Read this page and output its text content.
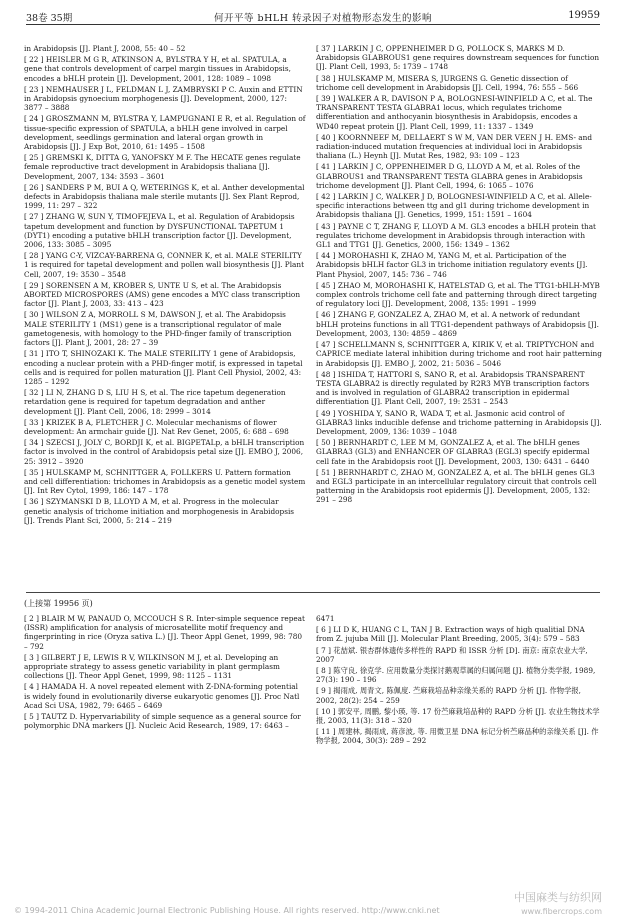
38卷 35期	何开平等 bHLH 转录因子对植物形态发生的影响	19959

in Arabidopsis [J]. Plant J, 2008, 55: 40 – 52

[ 22 ] HEISLER M G R, ATKINSON A, BYLSTRA Y H, et al. SPATULA, a gene that controls development of carpel margin tissues in Arabidopsis, encodes a bHLH protein [J]. Development, 2001, 128: 1089 – 1098

[ 23 ] NEMHAUSER J L, FELDMAN L J, ZAMBRYSKI P C. Auxin and ETTIN in Arabidopsis gynoecium morphogenesis [J]. Development, 2000, 127: 3877 – 3888

[ 24 ] GROSZMANN M, BYLSTRA Y, LAMPUGNANI E R, et al. Regulation of tissue-specific expression of SPATULA, a bHLH gene involved in carpel development, seedlings germination and lateral organ growth in Arabidopsis [J]. J Exp Bot, 2010, 61: 1495 – 1508

[ 25 ] GREMSKI K, DITTA G, YANOFSKY M F. The HECATE genes regulate female reproductive tract development in Arabidopsis thaliana [J]. Development, 2007, 134: 3593 – 3601

[ 26 ] SANDERS P M, BUI A Q, WETERINGS K, et al. Anther developmental defects in Arabidopsis thaliana male sterile mutants [J]. Sex Plant Reprod, 1999, 11: 297 – 322

[ 27 ] ZHANG W, SUN Y, TIMOFEJEVA L, et al. Regulation of Arabidopsis tapetum development and function by DYSFUNCTIONAL TAPETUM 1 (DYT1) encoding a putative bHLH transcription factor [J]. Development, 2006, 133: 3085 – 3095

[ 28 ] YANG C-Y, VIZCAY-BARRENA G, CONNER K, et al. MALE STERILITY 1 is required for tapetal development and pollen wall biosynthesis [J]. Plant Cell, 2007, 19: 3530 – 3548

[ 29 ] SORENSEN A M, KROBER S, UNTE U S, et al. The Arabidopsis ABORTED MICROSPORES (AMS) gene encodes a MYC class transcription factor [J]. Plant J, 2003, 33: 413 – 423

[ 30 ] WILSON Z A, MORROLL S M, DAWSON J, et al. The Arabidopsis MALE STERILITY 1 (MS1) gene is a transcriptional regulator of male gametogenesis, with homology to the PHD-finger family of transcription factors [J]. Plant J, 2001, 28: 27 – 39

[ 31 ] ITO T, SHINOZAKI K. The MALE STERILITY 1 gene of Arabidopsis, encoding a nuclear protein with a PHD-finger motif, is expressed in tapetal cells and is required for pollen maturation [J]. Plant Cell Physiol, 2002, 43: 1285 – 1292

[ 32 ] LI N, ZHANG D S, LIU H S, et al. The rice tapetum degeneration retardation gene is required for tapetum degradation and anther development [J]. Plant Cell, 2006, 18: 2999 – 3014

[ 33 ] KRIZEK B A, FLETCHER J C. Molecular mechanisms of flower development: An armchair guide [J]. Nat Rev Genet, 2005, 6: 688 – 698

[ 34 ] SZECSI J, JOLY C, BORDJI K, et al. BIGPETALp, a bHLH transcription factor is involved in the control of Arabidopsis petal size [J]. EMBO J, 2006, 25: 3912 – 3920

[ 35 ] HULSKAMP M, SCHNITTGER A, FOLLKERS U. Pattern formation and cell differentiation: trichomes in Arabidopsis as a genetic model system [J]. Int Rev Cytol, 1999, 186: 147 – 178

[ 36 ] SZYMANSKI D B, LLOYD A M, et al. Progress in the molecular genetic analysis of trichome initiation and morphogenesis in Arabidopsis [J]. Trends Plant Sci, 2000, 5: 214 – 219

[ 37 ] LARKIN J C, OPPENHEIMER D G, POLLOCK S, MARKS M D. Arabidopsis GLABROUS1 gene requires downstream sequences for function [J]. Plant Cell, 1993, 5: 1739 – 1748

[ 38 ] HULSKAMP M, MISERA S, JURGENS G. Genetic dissection of trichome cell development in Arabidopsis [J]. Cell, 1994, 76: 555 – 566

[ 39 ] WALKER A R, DAVISON P A, BOLOGNESI-WINFIELD A C, et al. The TRANSPARENT TESTA GLABRA1 locus, which regulates trichome differentiation and anthocyanin biosynthesis in Arabidopsis, encodes a WD40 repeat protein [J]. Plant Cell, 1999, 11: 1337 – 1349

[ 40 ] KOORNNEEF M, DELLAERT S W M, VAN DER VEEN J H. EMS- and radiation-induced mutation frequencies at individual loci in Arabidopsis thaliana (L.) Heynh [J]. Mutat Res, 1982, 93: 109 – 123

[ 41 ] LARKIN J C, OPPENHEIMER D G, LLOYD A M, et al. Roles of the GLABROUS1 and TRANSPARENT TESTA GLABRA genes in Arabidopsis trichome development [J]. Plant Cell, 1994, 6: 1065 – 1076

[ 42 ] LARKIN J C, WALKER J D, BOLOGNESI-WINFIELD A C, et al. Allele-specific interactions between ttg and gl1 during trichome development in Arabidopsis thaliana [J]. Genetics, 1999, 151: 1591 – 1604

[ 43 ] PAYNE C T, ZHANG F, LLOYD A M. GL3 encodes a bHLH protein that regulates trichome development in Arabidopsis through interaction with GL1 and TTG1 [J]. Genetics, 2000, 156: 1349 – 1362

[ 44 ] MOROHASHI K, ZHAO M, YANG M, et al. Participation of the Arabidopsis bHLH factor GL3 in trichome initiation regulatory events [J]. Plant Physiol, 2007, 145: 736 – 746

[ 45 ] ZHAO M, MOROHASHI K, HATELSTAD G, et al. The TTG1-bHLH-MYB complex controls trichome cell fate and patterning through direct targeting of regulatory loci [J]. Development, 2008, 135: 1991 – 1999

[ 46 ] ZHANG F, GONZALEZ A, ZHAO M, et al. A network of redundant bHLH proteins functions in all TTG1-dependent pathways of Arabidopsis [J]. Development, 2003, 130: 4859 – 4869

[ 47 ] SCHELLMANN S, SCHNITTGER A, KIRIK V, et al. TRIPTYCHON and CAPRICE mediate lateral inhibition during trichome and root hair patterning in Arabidopsis [J]. EMBO J, 2002, 21: 5036 – 5046

[ 48 ] ISHIDA T, HATTORI S, SANO R, et al. Arabidopsis TRANSPARENT TESTA GLABRA2 is directly regulated by R2R3 MYB transcription factors and is involved in regulation of GLABRA2 transcription in epidermal differentiation [J]. Plant Cell, 2007, 19: 2531 – 2543

[ 49 ] YOSHIDA Y, SANO R, WADA T, et al. Jasmonic acid control of GLABRA3 links inducible defense and trichome patterning in Arabidopsis [J]. Development, 2009, 136: 1039 – 1048

[ 50 ] BERNHARDT C, LEE M M, GONZALEZ A, et al. The bHLH genes GLABRA3 (GL3) and ENHANCER OF GLABRA3 (EGL3) specify epidermal cell fate in the Arabidopsis root [J]. Development, 2003, 130: 6431 – 6440

[ 51 ] BERNHARDT C, ZHAO M, GONZALEZ A, et al. The bHLH genes GL3 and EGL3 participate in an intercellular regulatory circuit that controls cell patterning in the Arabidopsis root epidermis [J]. Development, 2005, 132: 291 – 298

(上接第 19956 页)

[ 2 ] BLAIR M W, PANAUD O, MCCOUCH S R. Inter-simple sequence repeat (ISSR) amplification for analysis of microsatellite motif frequency and fingerprinting in rice (Oryza sativa L.) [J]. Theor Appl Genet, 1999, 98: 780 – 792

[ 3 ] GILBERT J E, LEWIS R V, WILKINSON M J, et al. Developing an appropriate strategy to assess genetic variability in plant germplasm collections [J]. Theor Appl Genet, 1999, 98: 1125 – 1131

[ 4 ] HAMADA H. A novel repeated element with Z-DNA-forming potential is widely found in evolutionarily diverse eukaryotic genomes [J]. Proc Natl Acad Sci USA, 1982, 79: 6465 – 6469

[ 5 ] TAUTZ D. Hypervariability of simple sequence as a general source for polymorphic DNA markers [J]. Nucleic Acid Research, 1989, 17: 6463 –

6471

[ 6 ] LI D K, HUANG C L, TAN J B. Extraction ways of high qualitial DNA from Z. jujuba Mill [J]. Molecular Plant Breeding, 2005, 3(4): 579 – 583

[ 7 ] 花喆斌. 银杏群体遗传多样性的 RAPD 和 ISSR 分析 [D]. 南京: 南京农业大学, 2007

[ 8 ] 陈守良, 徐克学. 应用数量分类探讨鹅观草属的归属问题 [J]. 植物分类学报, 1989, 27(3): 190 – 196

[ 9 ] 揭雨成, 周青文, 陈佩度. 苎麻栽培品种亲缘关系的 RAPD 分析 [J]. 作物学报, 2002, 28(2): 254 – 259

[ 10 ] 郭安平, 周鹏, 黎小瑛, 等. 17 份苎麻栽培品种的 RAPD 分析 [J]. 农业生物技术学报, 2003, 11(3): 318 – 320

[ 11 ] 周建林, 揭雨成, 蒋彦波, 等. 用微卫星 DNA 标记分析苎麻品种的亲缘关系 [J]. 作物学报, 2004, 30(3): 289 – 292

© 1994-2011 China Academic Journal Electronic Publishing House. All rights reserved. http://www.cnki.net
中国麻类与纺织网
www.fibercrops.com
